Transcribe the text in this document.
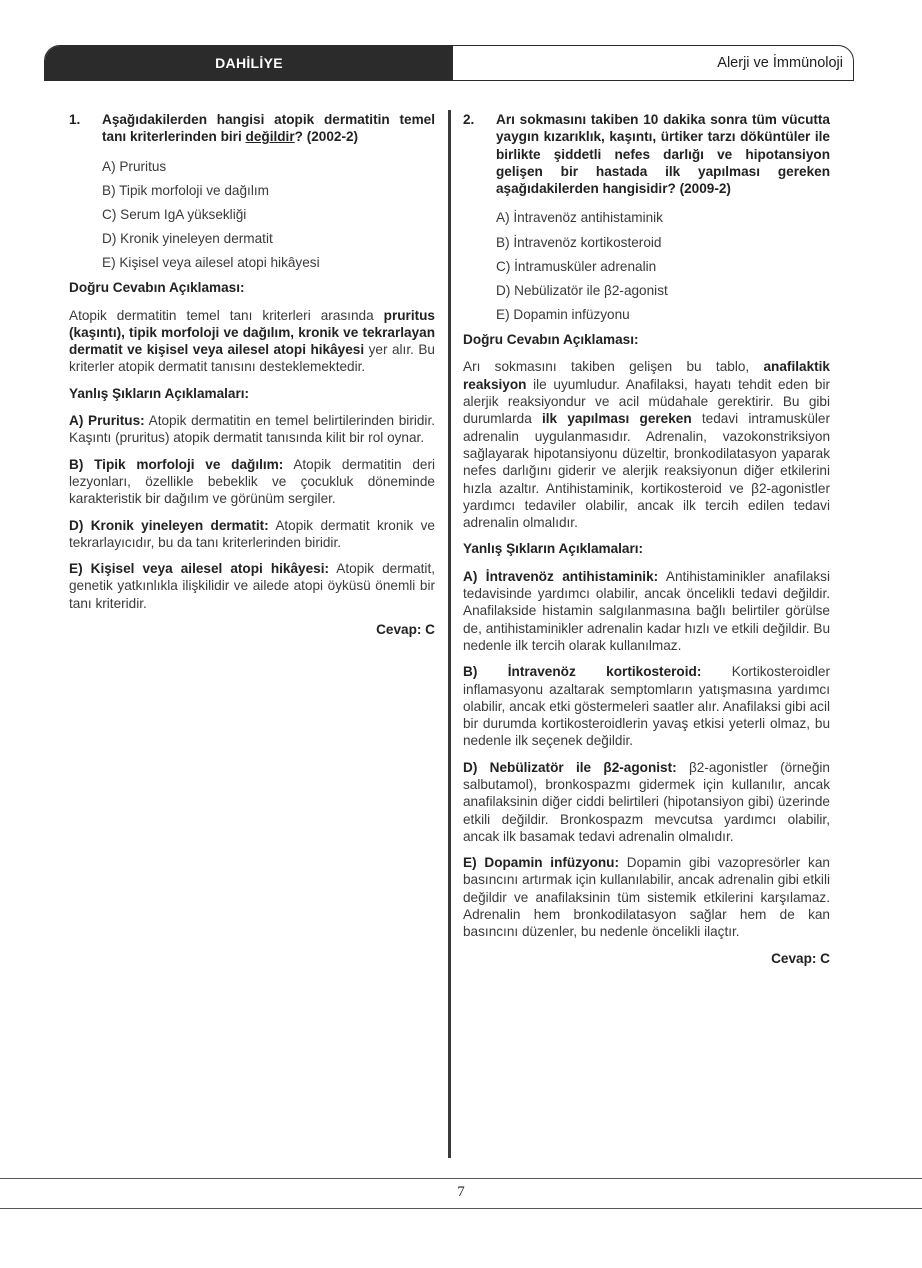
DAHİLİYE	Alerji ve İmmünoloji
1. Aşağıdakilerden hangisi atopik dermatitin temel tanı kriterlerinden biri değildir? (2002-2)
A) Pruritus
B) Tipik morfoloji ve dağılım
C) Serum IgA yüksekliği
D) Kronik yineleyen dermatit
E) Kişisel veya ailesel atopi hikâyesi
Doğru Cevabın Açıklaması:
Atopik dermatitin temel tanı kriterleri arasında pruritus (kaşıntı), tipik morfoloji ve dağılım, kronik ve tekrarlayan dermatit ve kişisel veya ailesel atopi hikâyesi yer alır. Bu kriterler atopik dermatit tanısını desteklemektedir.
Yanlış Şıkların Açıklamaları:
A) Pruritus: Atopik dermatitin en temel belirtilerinden biridir. Kaşıntı (pruritus) atopik dermatit tanısında kilit bir rol oynar.
B) Tipik morfoloji ve dağılım: Atopik dermatitin deri lezyonları, özellikle bebeklik ve çocukluk döneminde karakteristik bir dağılım ve görünüm sergiler.
D) Kronik yineleyen dermatit: Atopik dermatit kronik ve tekrarlayıcıdır, bu da tanı kriterlerinden biridir.
E) Kişisel veya ailesel atopi hikâyesi: Atopik dermatit, genetik yatkınlıkla ilişkilidir ve ailede atopi öyküsü önemli bir tanı kriteridir.
Cevap: C
2. Arı sokmasını takiben 10 dakika sonra tüm vücutta yaygın kızarıklık, kaşıntı, ürtiker tarzı döküntüler ile birlikte şiddetli nefes darlığı ve hipotansiyon gelişen bir hastada ilk yapılması gereken aşağıdakilerden hangisidir? (2009-2)
A) İntravenöz antihistaminik
B) İntravenöz kortikosteroid
C) İntramusküler adrenalin
D) Nebülizatör ile β2-agonist
E) Dopamin infüzyonu
Doğru Cevabın Açıklaması:
Arı sokmasını takiben gelişen bu tablo, anafilaktik reaksiyon ile uyumludur. Anafilaksi, hayatı tehdit eden bir alerjik reaksiyondur ve acil müdahale gerektirir. Bu gibi durumlarda ilk yapılması gereken tedavi intramusküler adrenalin uygulanmasıdır. Adrenalin, vazokonstriksiyon sağlayarak hipotansiyonu düzeltir, bronkodilatasyon yaparak nefes darlığını giderir ve alerjik reaksiyonun diğer etkilerini hızla azaltır. Antihistaminik, kortikosteroid ve β2-agonistler yardımcı tedaviler olabilir, ancak ilk tercih edilen tedavi adrenalin olmalıdır.
Yanlış Şıkların Açıklamaları:
A) İntravenöz antihistaminik: Antihistaminikler anafilaksi tedavisinde yardımcı olabilir, ancak öncelikli tedavi değildir. Anafilakside histamin salgılanmasına bağlı belirtiler görülse de, antihistaminikler adrenalin kadar hızlı ve etkili değildir. Bu nedenle ilk tercih olarak kullanılmaz.
B) İntravenöz kortikosteroid: Kortikosteroidler inflamasyonu azaltarak semptomların yatışmasına yardımcı olabilir, ancak etki göstermeleri saatler alır. Anafilaksi gibi acil bir durumda kortikosteroidlerin yavaş etkisi yeterli olmaz, bu nedenle ilk seçenek değildir.
D) Nebülizatör ile β2-agonist: β2-agonistler (örneğin salbutamol), bronkospazmı gidermek için kullanılır, ancak anafilaksinin diğer ciddi belirtileri (hipotansiyon gibi) üzerinde etkili değildir. Bronkospazm mevcutsa yardımcı olabilir, ancak ilk basamak tedavi adrenalin olmalıdır.
E) Dopamin infüzyonu: Dopamin gibi vazopresörler kan basıncını artırmak için kullanılabilir, ancak adrenalin gibi etkili değildir ve anafilaksinin tüm sistemik etkilerini karşılamaz. Adrenalin hem bronkodilatasyon sağlar hem de kan basıncını düzenler, bu nedenle öncelikli ilaçtır.
Cevap: C
7
